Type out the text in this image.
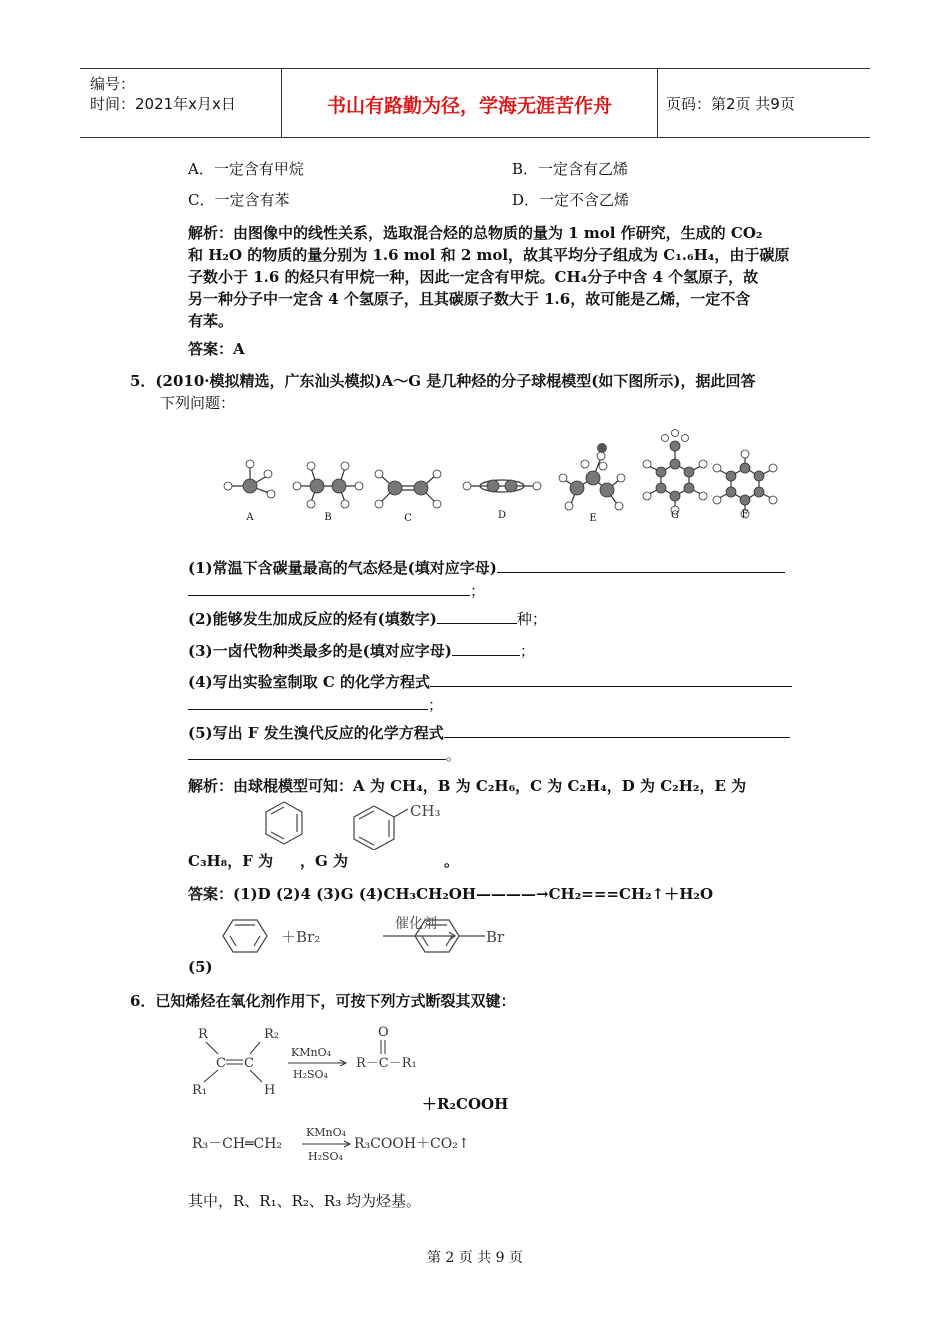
编号：
时间：2021年x月x日	书山有路勤为径，学海无涯苦作舟	页码：第2页 共9页
A．一定含有甲烷	B．一定含有乙烯
C．一定含有苯	D．一定不含乙烯
解析：由图像中的线性关系，选取混合烃的总物质的量为 1 mol 作研究，生成的 CO₂
和 H₂O 的物质的量分别为 1.6 mol 和 2 mol，故其平均分子组成为 C₁.₆H₄，由于碳原
子数小于 1.6 的烃只有甲烷一种，因此一定含有甲烷。CH₄分子中含 4 个氢原子，故
另一种分子中一定含 4 个氢原子，且其碳原子数大于 1.6，故可能是乙烯，一定不含
有苯。
答案：A
5．(2010·模拟精选，广东汕头模拟)A～G 是几种烃的分子球棍模型(如下图所示)，据此回答
下列问题：
A	B	C	D	E	G	F
(1)常温下含碳量最高的气态烃是(填对应字母)
；
(2)能够发生加成反应的烃有(填数字)	种；
(3)一卤代物种类最多的是(填对应字母)	；
(4)写出实验室制取 C 的化学方程式
；
(5)写出 F 发生溴代反应的化学方程式
。
解析：由球棍模型可知：A 为 CH₄，B 为 C₂H₆，C 为 C₂H₄，D 为 C₂H₂，E 为
CH₃
C₃H₈，F 为 ，G 为	。
答案：(1)D (2)4 (3)G (4)CH₃CH₂OH————→CH₂===CH₂↑＋H₂O
＋Br₂
催化剂
Br
(5)
6．已知烯烃在氧化剂作用下，可按下列方式断裂其双键：
R	R₂
C C
R₁	H
KMnO₄
H₂SO₄
O
R－C－R₁
＋R₂COOH
R₃－CH═CH₂
KMnO₄
H₂SO₄
R₃COOH＋CO₂↑
其中，R、R₁、R₂、R₃ 均为烃基。
第 2 页 共 9 页
